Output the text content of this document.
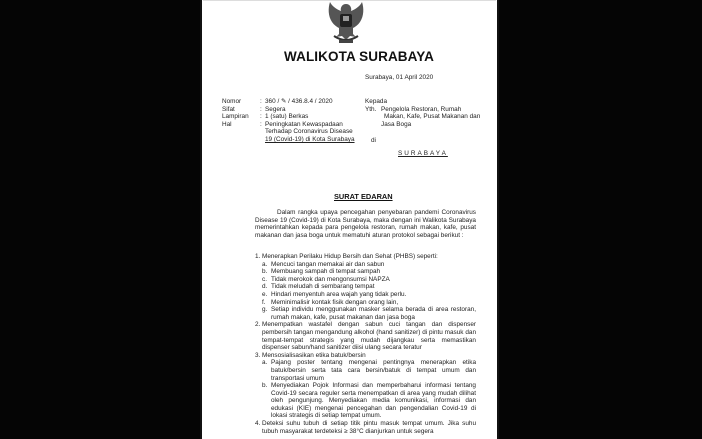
WALIKOTA SURABAYA
Surabaya, 01 April 2020
Nomor	: 360 / ✎ / 436.8.4 / 2020
Sifat	: Segera
Lampiran	: 1 (satu) Berkas
Hal	: Peningkatan Kewaspadaan
Terhadap Coronavirus Disease
19 (Covid-19) di Kota Surabaya
Kepada
Yth. Pengelola Restoran, Rumah
Makan, Kafe, Pusat Makanan dan
Jasa Boga
di
SURABAYA
SURAT EDARAN
Dalam rangka upaya pencegahan penyebaran pandemi Coronavirus Disease 19 (Covid-19) di Kota Surabaya, maka dengan ini Walikota Surabaya memerintahkan kepada para pengelola restoran, rumah makan, kafe, pusat makanan dan jasa boga untuk mematuhi aturan protokol sebagai berikut :
1. Menerapkan Perilaku Hidup Bersih dan Sehat (PHBS) seperti:
a. Mencuci tangan memakai air dan sabun
b. Membuang sampah di tempat sampah
c. Tidak merokok dan mengonsumsi NAPZA
d. Tidak meludah di sembarang tempat
e. Hindari menyentuh area wajah yang tidak perlu.
f. Meminimalisir kontak fisik dengan orang lain,
g. Setiap individu menggunakan masker selama berada di area restoran, rumah makan, kafe, pusat makanan dan jasa boga
2. Menempatkan wastafel dengan sabun cuci tangan dan dispenser pembersih tangan mengandung alkohol (hand sanitizer) di pintu masuk dan tempat-tempat strategis yang mudah dijangkau serta memastikan dispenser sabun/hand sanitizer diisi ulang secara teratur
3. Mensosialisasikan etika batuk/bersin
a. Pajang poster tentang mengenai pentingnya menerapkan etika batuk/bersin serta tata cara bersin/batuk di tempat umum dan transportasi umum
b. Menyediakan Pojok Informasi dan memperbaharui informasi tentang Covid-19 secara reguler serta menempatkan di area yang mudah dilihat oleh pengunjung. Menyediakan media komunikasi, informasi dan edukasi (KIE) mengenai pencegahan dan pengendalian Covid-19 di lokasi strategis di setiap tempat umum.
4. Deteksi suhu tubuh di setiap titik pintu masuk tempat umum. Jika suhu tubuh masyarakat terdeteksi ≥ 38°C dianjurkan untuk segera
